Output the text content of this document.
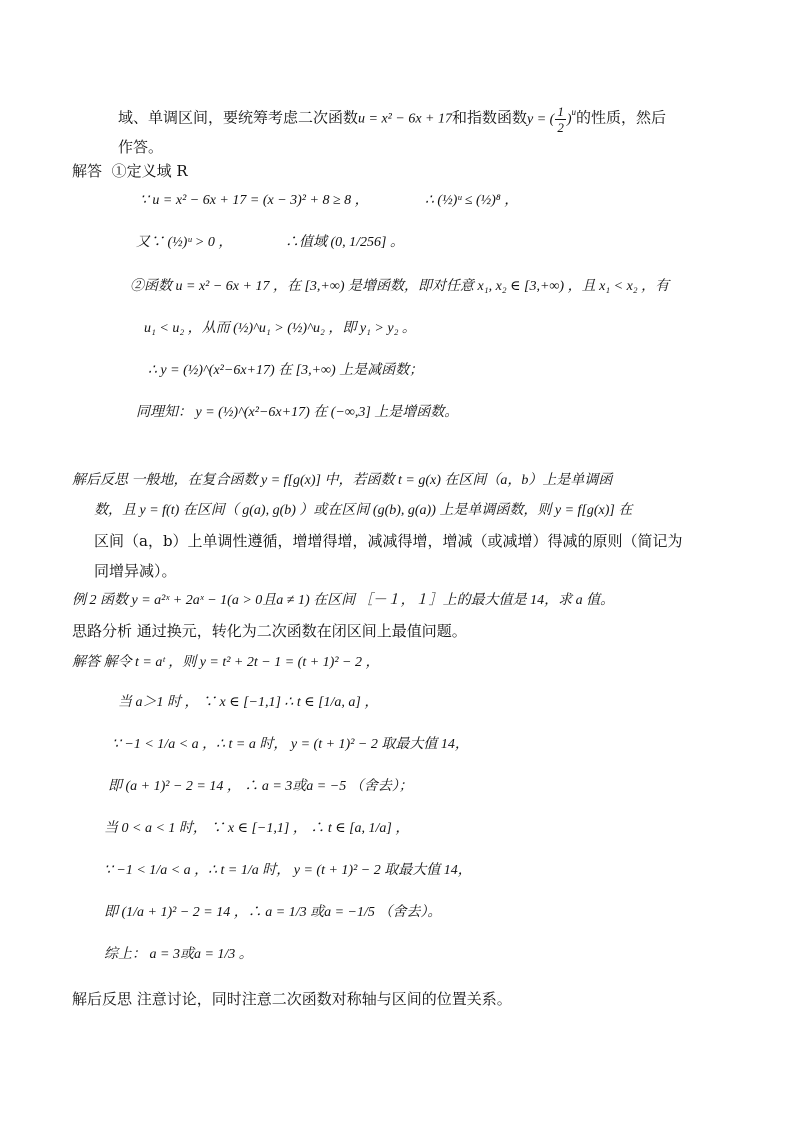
域、单调区间，要统筹考虑二次函数u = x² − 6x + 17和指数函数y = ( $\frac{1}{2} )^u$的性质，然后
作答。
解答 ①定义域 R
∵ u = x² − 6x + 17 = (x − 3)² + 8 ≥ 8 ，	∴ (½)ᵘ ≤ (½)⁸ ，
又∵ (½)ᵘ > 0 ，	∴值域 (0, 1/256] 。
②函数 u = x² − 6x + 17 ，在 [3,+∞) 是增函数，即对任意 x₁, x₂ ∈ [3,+∞) ，且 x₁ < x₂ ，有
u₁ < u₂ ，从而 (½)^u₁ > (½)^u₂ ，即 y₁ > y₂ 。
∴ y = (½)^(x²−6x+17) 在 [3,+∞) 上是减函数；
同理知： y = (½)^(x²−6x+17) 在 (−∞,3] 上是增函数。
解后反思 一般地，在复合函数 y = f[g(x)] 中，若函数 t = g(x) 在区间（a，b）上是单调函
数，且 y = f(t) 在区间（ g(a), g(b) ）或在区间 (g(b), g(a)) 上是单调函数，则 y = f[g(x)] 在
区间（a，b）上单调性遵循，增增得增，减减得增，增减（或减增）得减的原则（简记为
同增异减）。
例 2 函数 y = a²ˣ + 2aˣ − 1(a > 0且a ≠ 1) 在区间 ［－１，１］上的最大值是 14，求 a 值。
思路分析 通过换元，转化为二次函数在闭区间上最值问题。
解答 解令 t = aᵗ ，则 y = t² + 2t − 1 = (t + 1)² − 2 ，
当 a＞1 时 ， ∵ x ∈ [−1,1] ∴ t ∈ [1/a, a] ，
∵ −1 < 1/a < a ，∴ t = a 时， y = (t + 1)² − 2 取最大值 14，
即 (a + 1)² − 2 = 14 ， ∴ a = 3或a = −5 （舍去）；
当 0 < a < 1 时， ∵ x ∈ [−1,1] ， ∴ t ∈ [a, 1/a] ，
∵ −1 < 1/a < a ，∴ t = 1/a 时， y = (t + 1)² − 2 取最大值 14，
即 (1/a + 1)² − 2 = 14 ，∴ a = 1/3 或a = −1/5 （舍去）。
综上： a = 3或a = 1/3 。
解后反思 注意讨论，同时注意二次函数对称轴与区间的位置关系。
